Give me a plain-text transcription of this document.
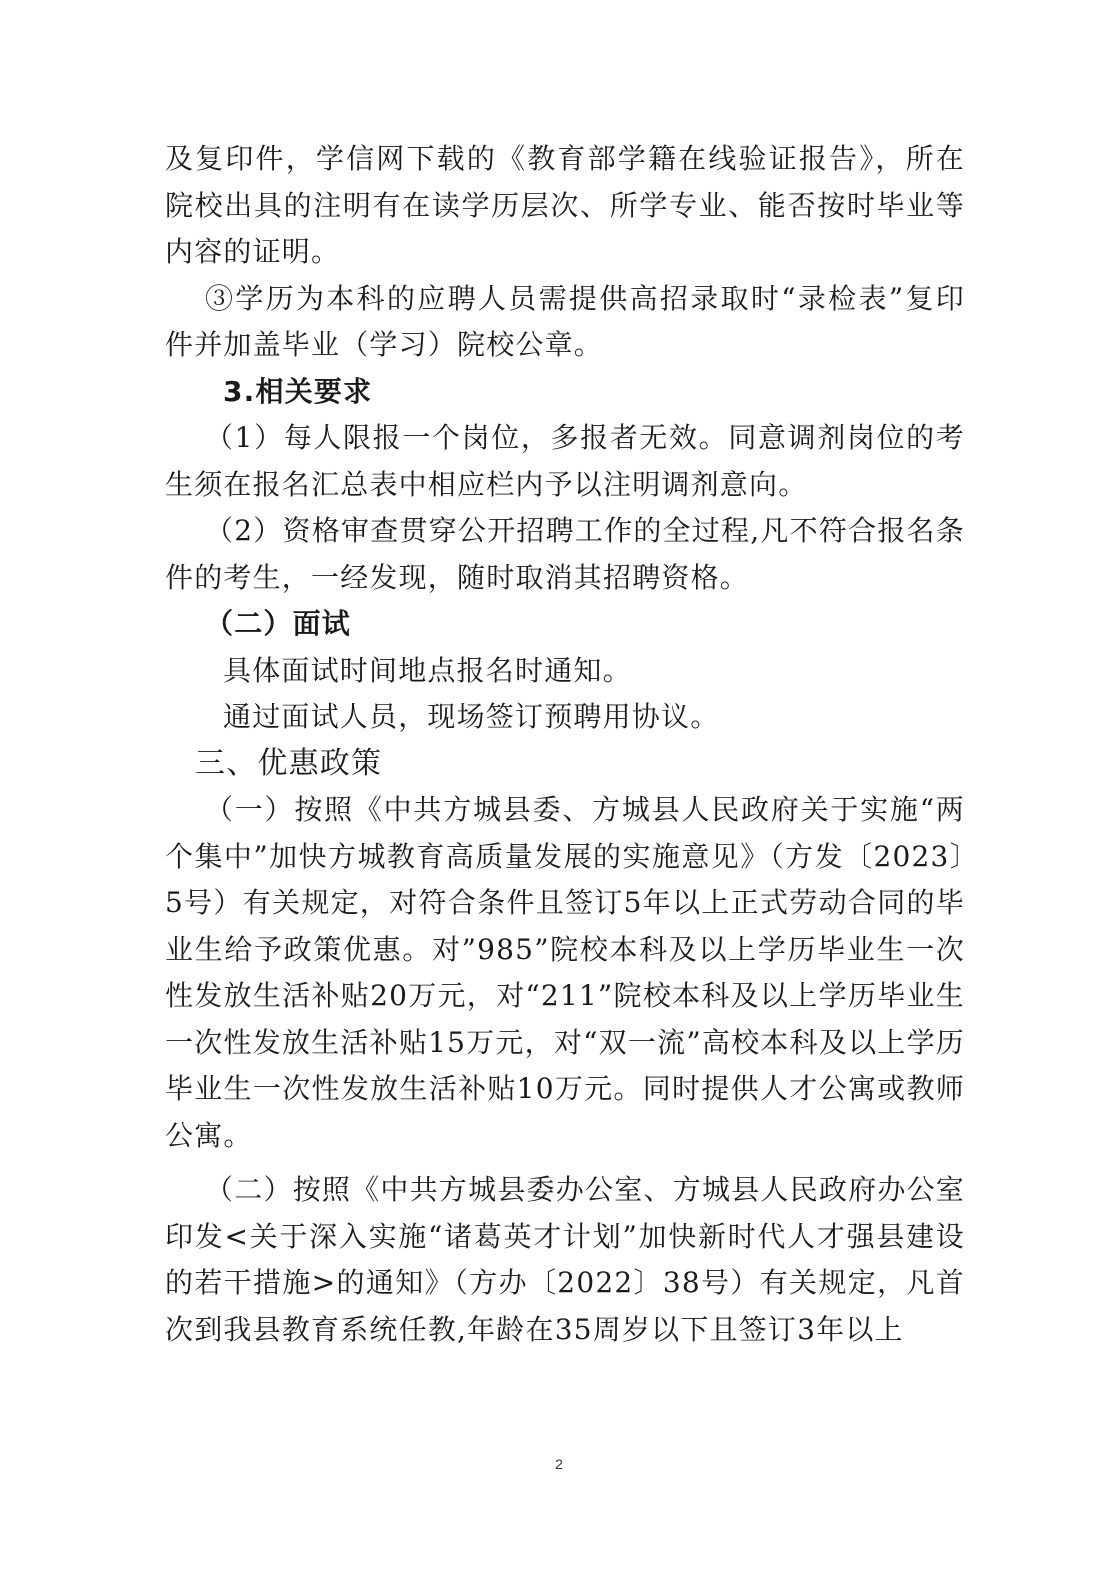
及复印件，学信网下载的《教育部学籍在线验证报告》，所在院校出具的注明有在读学历层次、所学专业、能否按时毕业等内容的证明。

③学历为本科的应聘人员需提供高招录取时“录检表”复印件并加盖毕业（学习）院校公章。

3.相关要求

（1）每人限报一个岗位，多报者无效。同意调剂岗位的考生须在报名汇总表中相应栏内予以注明调剂意向。

（2）资格审查贯穿公开招聘工作的全过程,凡不符合报名条件的考生，一经发现，随时取消其招聘资格。

（二）面试

具体面试时间地点报名时通知。

通过面试人员，现场签订预聘用协议。

三、优惠政策

（一）按照《中共方城县委、方城县人民政府关于实施“两个集中”加快方城教育高质量发展的实施意见》（方发〔2023〕5号）有关规定，对符合条件且签订5年以上正式劳动合同的毕业生给予政策优惠。对”985”院校本科及以上学历毕业生一次性发放生活补贴20万元，对“211”院校本科及以上学历毕业生一次性发放生活补贴15万元，对“双一流”高校本科及以上学历毕业生一次性发放生活补贴10万元。同时提供人才公寓或教师公寓。

（二）按照《中共方城县委办公室、方城县人民政府办公室印发<关于深入实施“诸葛英才计划”加快新时代人才强县建设的若干措施>的通知》（方办〔2022〕38号）有关规定，凡首次到我县教育系统任教,年龄在35周岁以下且签订3年以上

2
